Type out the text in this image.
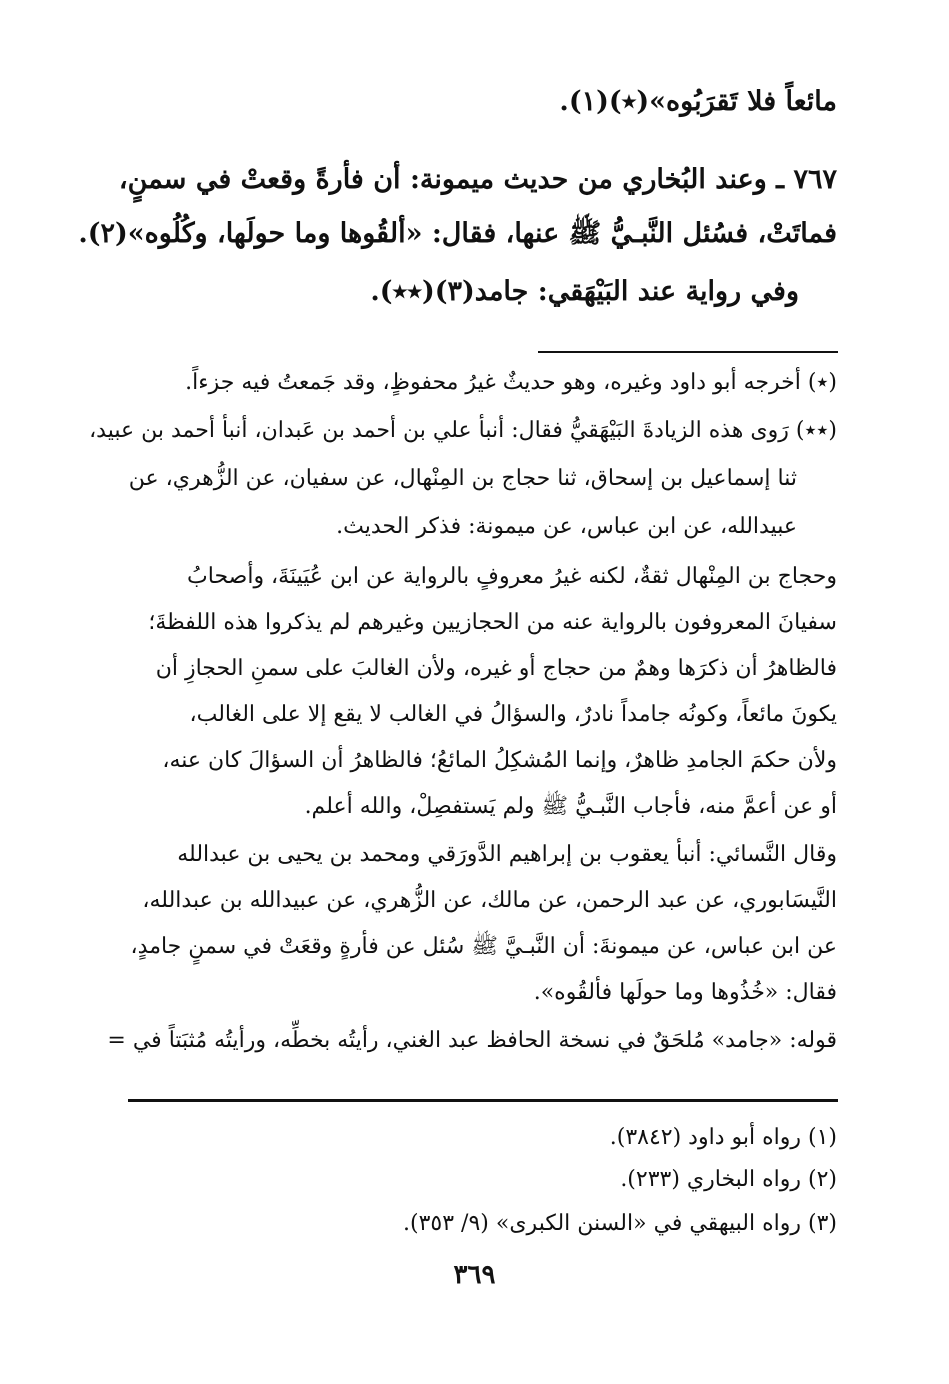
مائعاً فلا تَقرَبُوه»(٭)(١).
٧٦٧ ـ وعند البُخاري من حديث ميمونة: أن فأرةً وقعتْ في سمنٍ،
فماتَتْ، فسُئل النَّبـيُّ ﷺ عنها، فقال: «ألقُوها وما حولَها، وكُلُوه»(٢).
وفي رواية عند البَيْهَقي: جامد(٣)(٭٭).
(٭) أخرجه أبو داود وغيره، وهو حديثٌ غيرُ محفوظٍ، وقد جَمعتُ فيه جزءاً.
(٭٭) رَوى هذه الزيادةَ البَيْهَقيُّ فقال: أنبأ علي بن أحمد بن عَبدان، أنبأ أحمد بن عبيد،
ثنا إسماعيل بن إسحاق، ثنا حجاج بن المِنْهال، عن سفيان، عن الزُّهري، عن
عبيدالله، عن ابن عباس، عن ميمونة: فذكر الحديث.
وحجاج بن المِنْهال ثقةٌ، لكنه غيرُ معروفٍ بالرواية عن ابن عُيَينَةَ، وأصحابُ
سفيانَ المعروفون بالرواية عنه من الحجازيين وغيرهم لم يذكروا هذه اللفظةَ؛
فالظاهرُ أن ذكرَها وهمٌ من حجاج أو غيره، ولأن الغالبَ على سمنِ الحجازِ أن
يكونَ مائعاً، وكونُه جامداً نادرٌ، والسؤالُ في الغالب لا يقع إلا على الغالب،
ولأن حكمَ الجامدِ ظاهرٌ، وإنما المُشكِلُ المائعُ؛ فالظاهرُ أن السؤالَ كان عنه،
أو عن أعمَّ منه، فأجاب النَّبـيُّ ﷺ ولم يَستفصِلْ، والله أعلم.
وقال النَّسائي: أنبأ يعقوب بن إبراهيم الدَّورَقي ومحمد بن يحيى بن عبدالله
النَّيسَابوري، عن عبد الرحمن، عن مالك، عن الزُّهري، عن عبيدالله بن عبدالله،
عن ابن عباس، عن ميمونةَ: أن النَّبـيَّ ﷺ سُئل عن فأرةٍ وقعَتْ في سمنٍ جامدٍ،
فقال: «خُذُوها وما حولَها فألقُوه».
قوله: «جامد» مُلحَقٌ في نسخة الحافظ عبد الغني، رأيتُه بخطِّه، ورأيتُه مُثبَتاً في =
(١) رواه أبو داود (٣٨٤٢).
(٢) رواه البخاري (٢٣٣).
(٣) رواه البيهقي في «السنن الكبرى» (٩/ ٣٥٣).
٣٦٩
